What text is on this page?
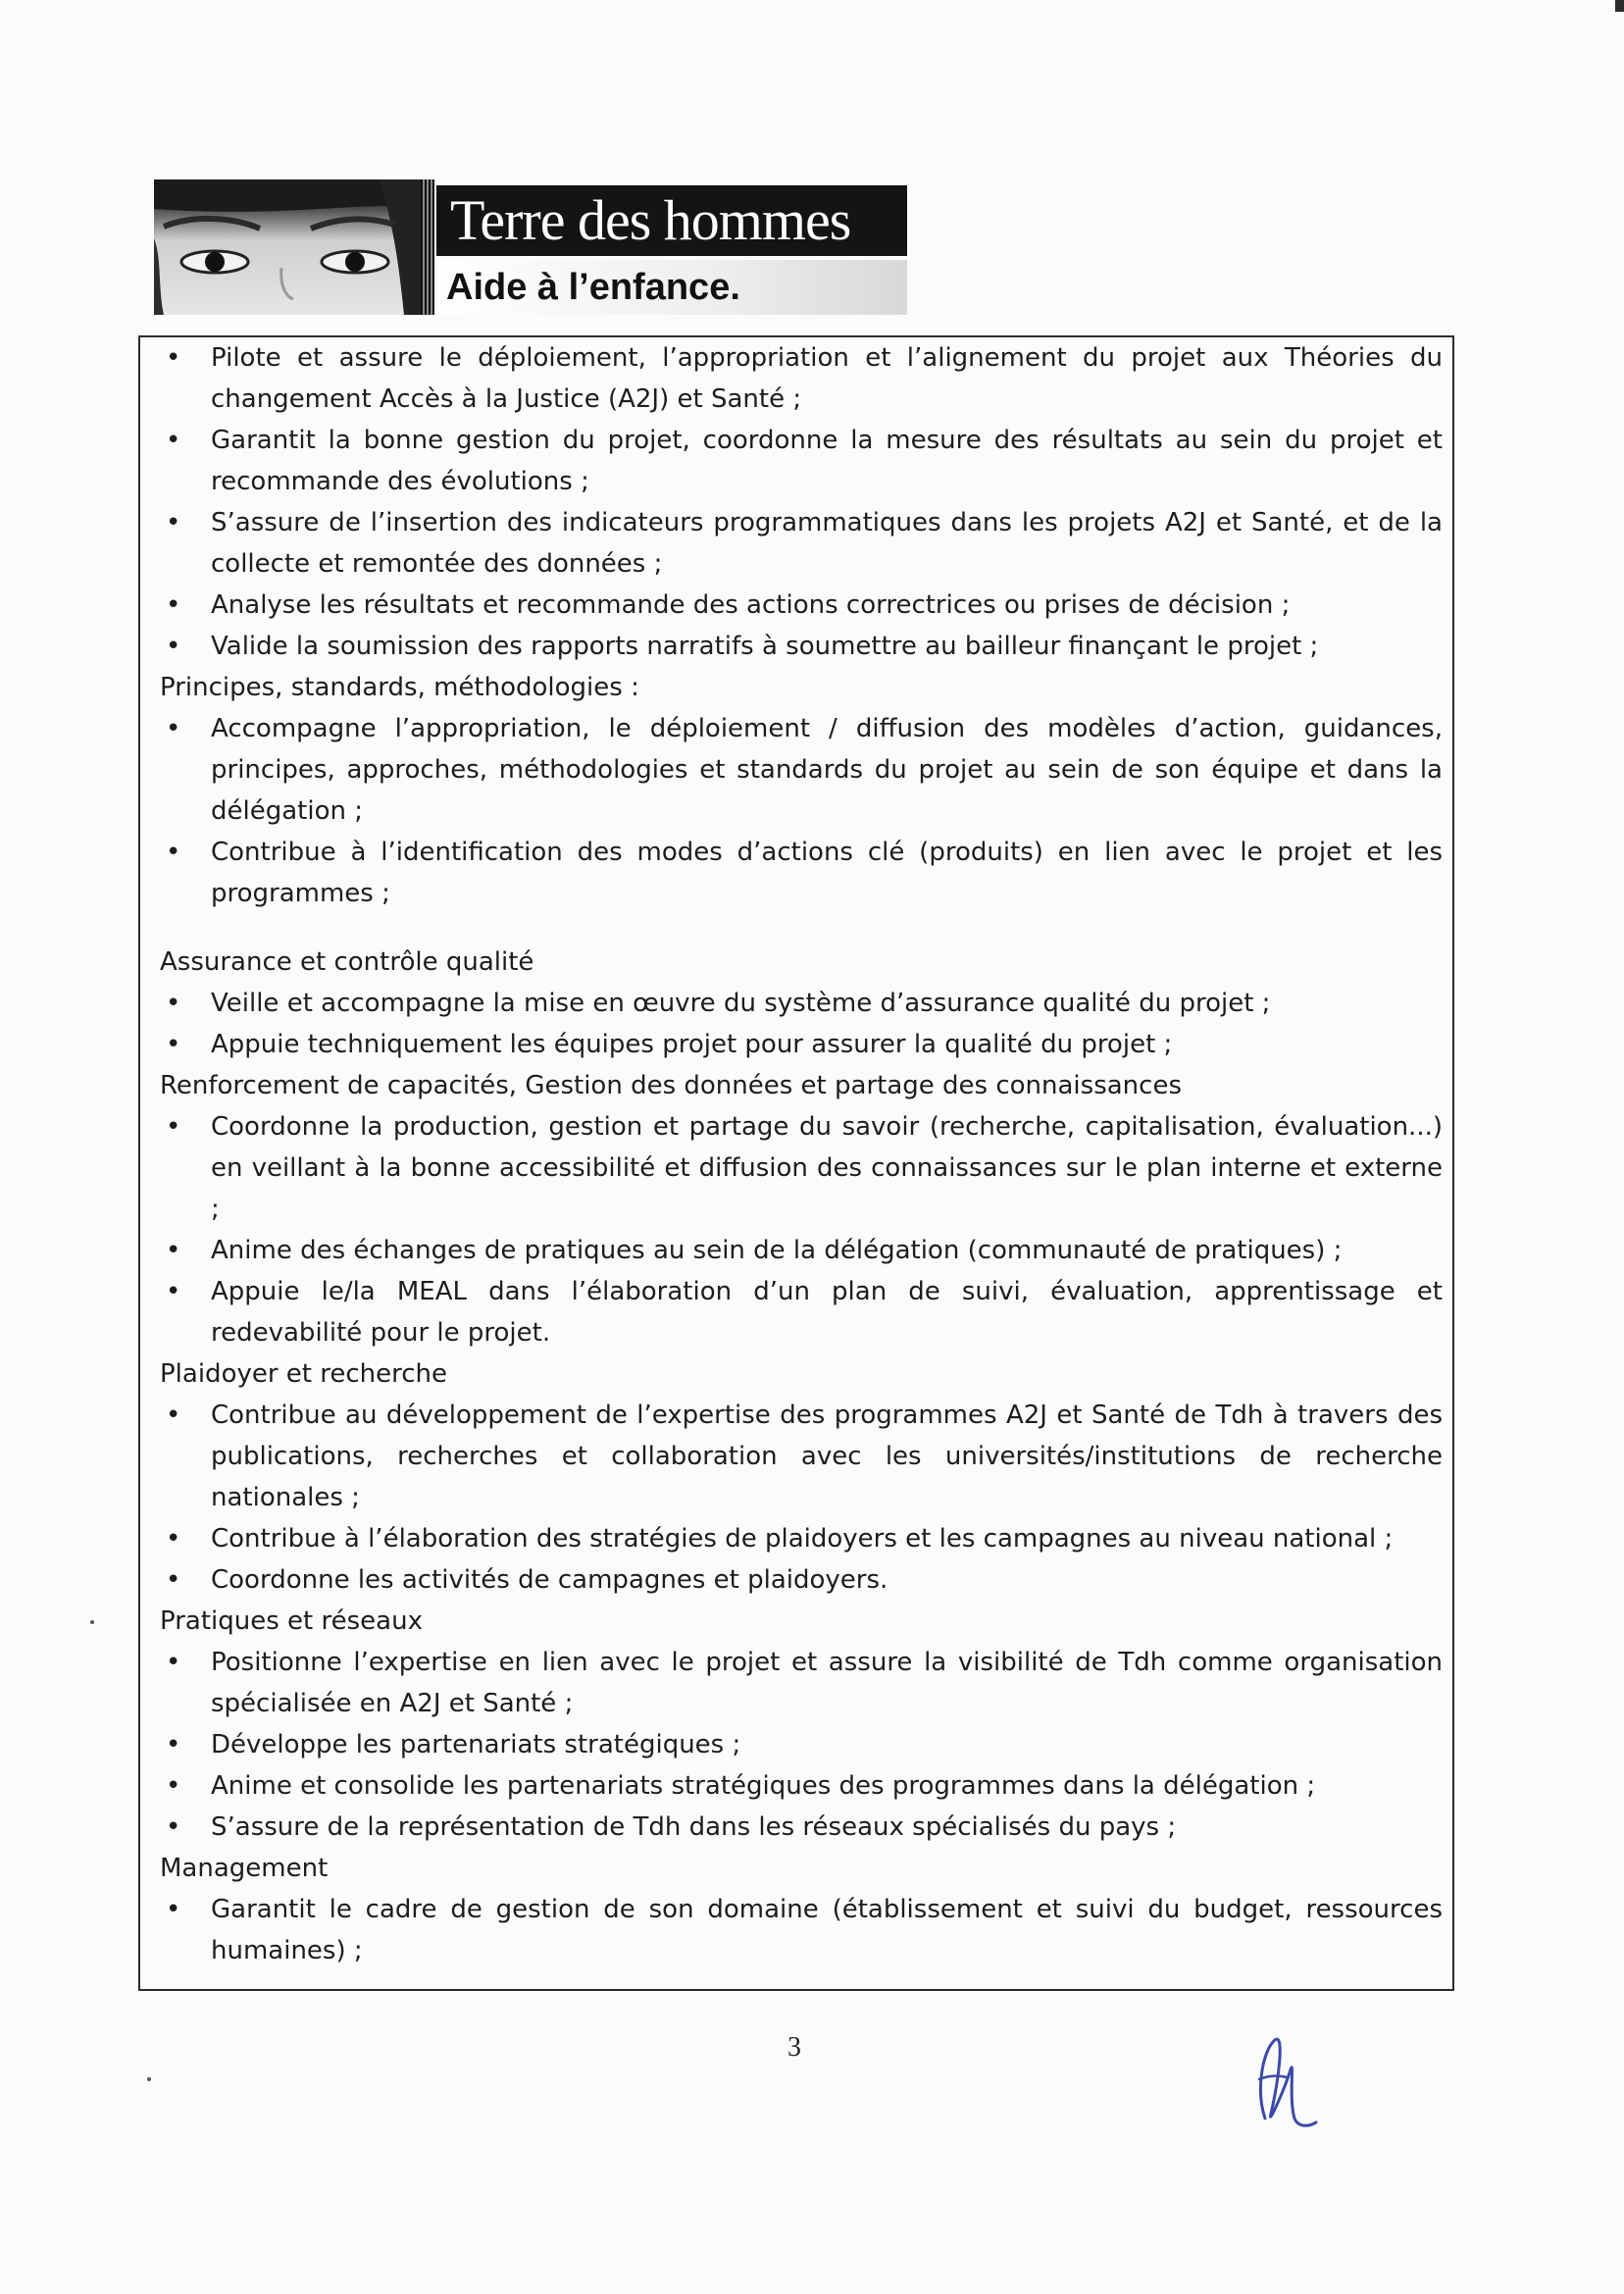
Terre des hommes
Aide à l’enfance.
• Pilote et assure le déploiement, l’appropriation et l’alignement du projet aux Théories du changement Accès à la Justice (A2J) et Santé ;
• Garantit la bonne gestion du projet, coordonne la mesure des résultats au sein du projet et recommande des évolutions ;
• S’assure de l’insertion des indicateurs programmatiques dans les projets A2J et Santé, et de la collecte et remontée des données ;
• Analyse les résultats et recommande des actions correctrices ou prises de décision ;
• Valide la soumission des rapports narratifs à soumettre au bailleur finançant le projet ;
Principes, standards, méthodologies :
• Accompagne l’appropriation, le déploiement / diffusion des modèles d’action, guidances, principes, approches, méthodologies et standards du projet au sein de son équipe et dans la délégation ;
• Contribue à l’identification des modes d’actions clé (produits) en lien avec le projet et les programmes ;
Assurance et contrôle qualité
• Veille et accompagne la mise en œuvre du système d’assurance qualité du projet ;
• Appuie techniquement les équipes projet pour assurer la qualité du projet ;
Renforcement de capacités, Gestion des données et partage des connaissances
• Coordonne la production, gestion et partage du savoir (recherche, capitalisation, évaluation...) en veillant à la bonne accessibilité et diffusion des connaissances sur le plan interne et externe ;
• Anime des échanges de pratiques au sein de la délégation (communauté de pratiques) ;
• Appuie le/la MEAL dans l’élaboration d’un plan de suivi, évaluation, apprentissage et redevabilité pour le projet.
Plaidoyer et recherche
• Contribue au développement de l’expertise des programmes A2J et Santé de Tdh à travers des publications, recherches et collaboration avec les universités/institutions de recherche nationales ;
• Contribue à l’élaboration des stratégies de plaidoyers et les campagnes au niveau national ;
• Coordonne les activités de campagnes et plaidoyers.
Pratiques et réseaux
• Positionne l’expertise en lien avec le projet et assure la visibilité de Tdh comme organisation spécialisée en A2J et Santé ;
• Développe les partenariats stratégiques ;
• Anime et consolide les partenariats stratégiques des programmes dans la délégation ;
• S’assure de la représentation de Tdh dans les réseaux spécialisés du pays ;
Management
• Garantit le cadre de gestion de son domaine (établissement et suivi du budget, ressources humaines) ;
3
